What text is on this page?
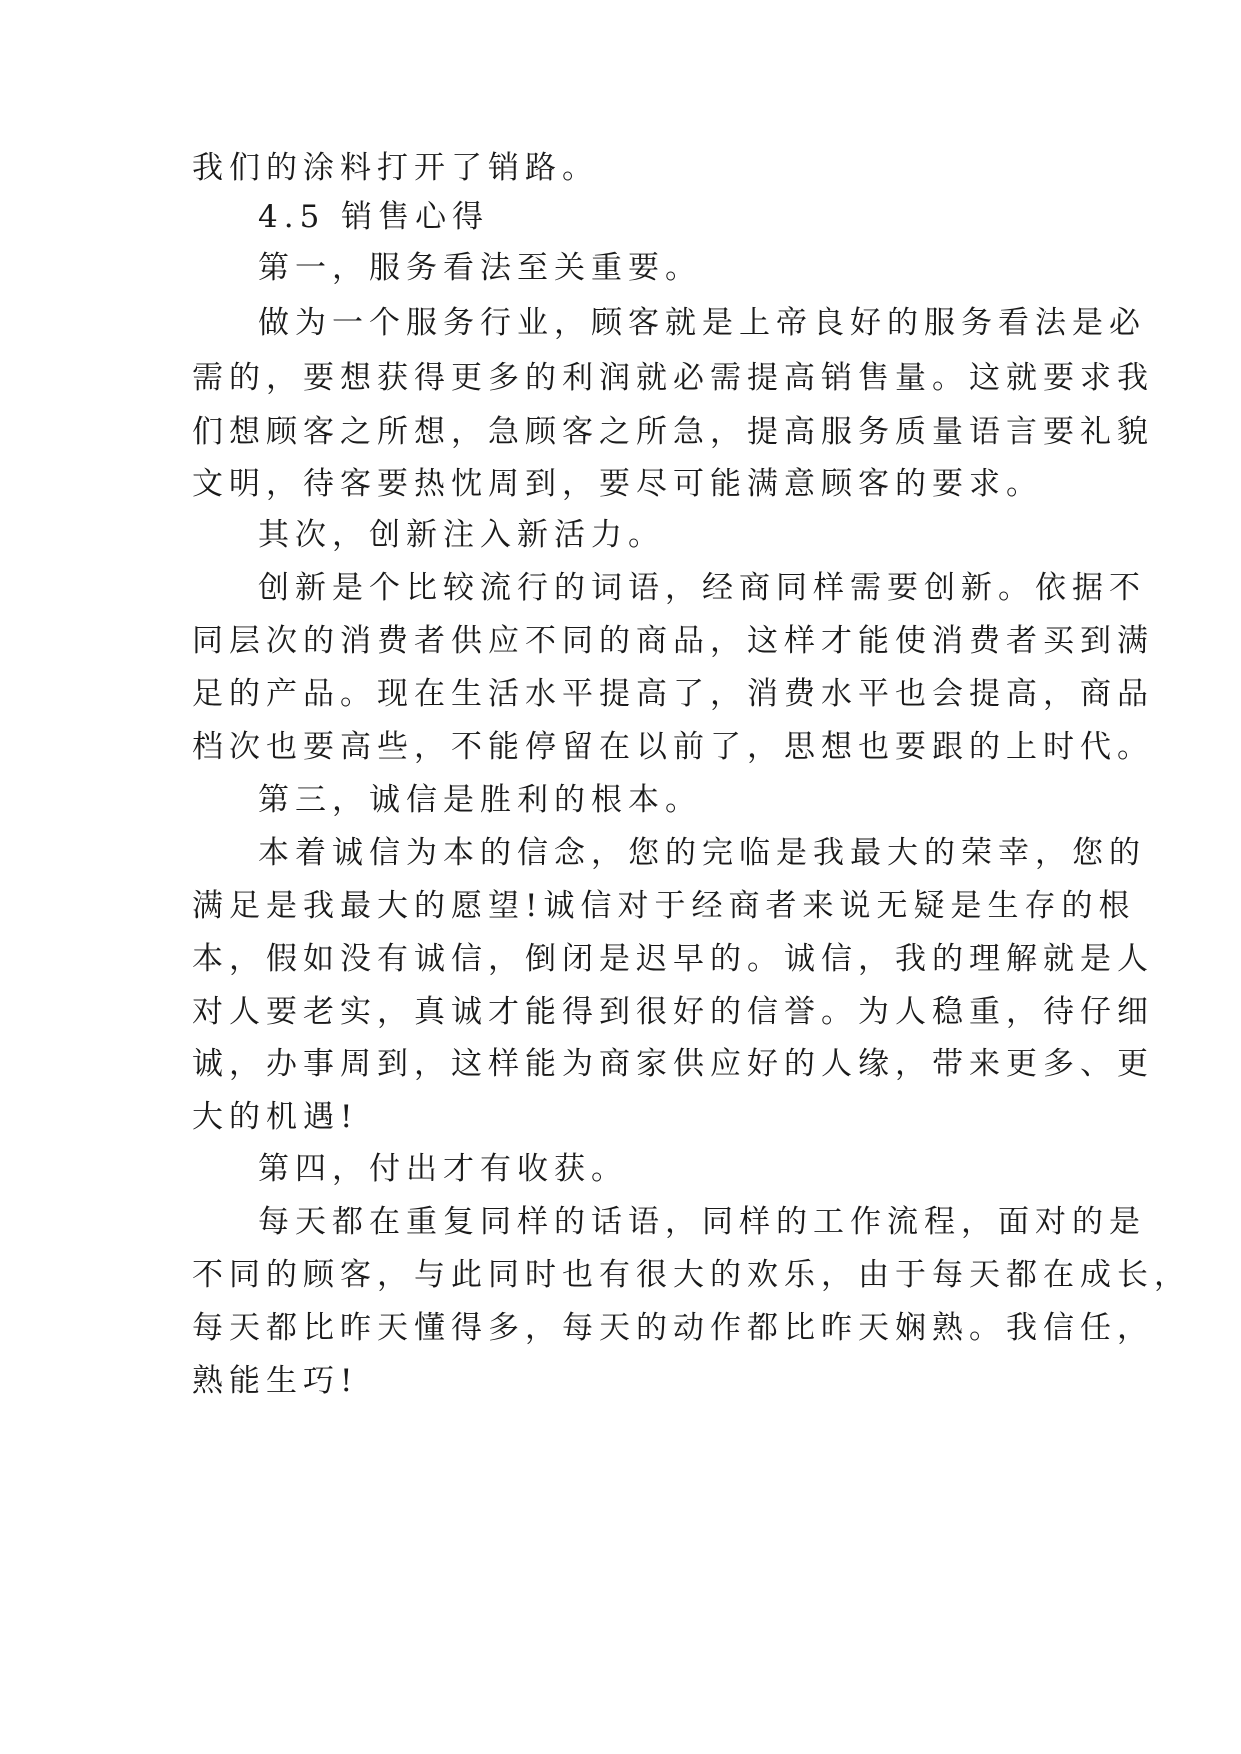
我们的涂料打开了销路。
4.5 销售心得
第一，服务看法至关重要。
做为一个服务行业，顾客就是上帝良好的服务看法是必
需的，要想获得更多的利润就必需提高销售量。这就要求我
们想顾客之所想，急顾客之所急，提高服务质量语言要礼貌
文明，待客要热忱周到，要尽可能满意顾客的要求。
其次，创新注入新活力。
创新是个比较流行的词语，经商同样需要创新。依据不
同层次的消费者供应不同的商品，这样才能使消费者买到满
足的产品。现在生活水平提高了，消费水平也会提高，商品
档次也要高些，不能停留在以前了，思想也要跟的上时代。
第三，诚信是胜利的根本。
本着诚信为本的信念，您的完临是我最大的荣幸，您的
满足是我最大的愿望!诚信对于经商者来说无疑是生存的根
本，假如没有诚信，倒闭是迟早的。诚信，我的理解就是人
对人要老实，真诚才能得到很好的信誉。为人稳重，待仔细
诚，办事周到，这样能为商家供应好的人缘，带来更多、更
大的机遇!
第四，付出才有收获。
每天都在重复同样的话语，同样的工作流程，面对的是
不同的顾客，与此同时也有很大的欢乐，由于每天都在成长，
每天都比昨天懂得多，每天的动作都比昨天娴熟。我信任，
熟能生巧!
